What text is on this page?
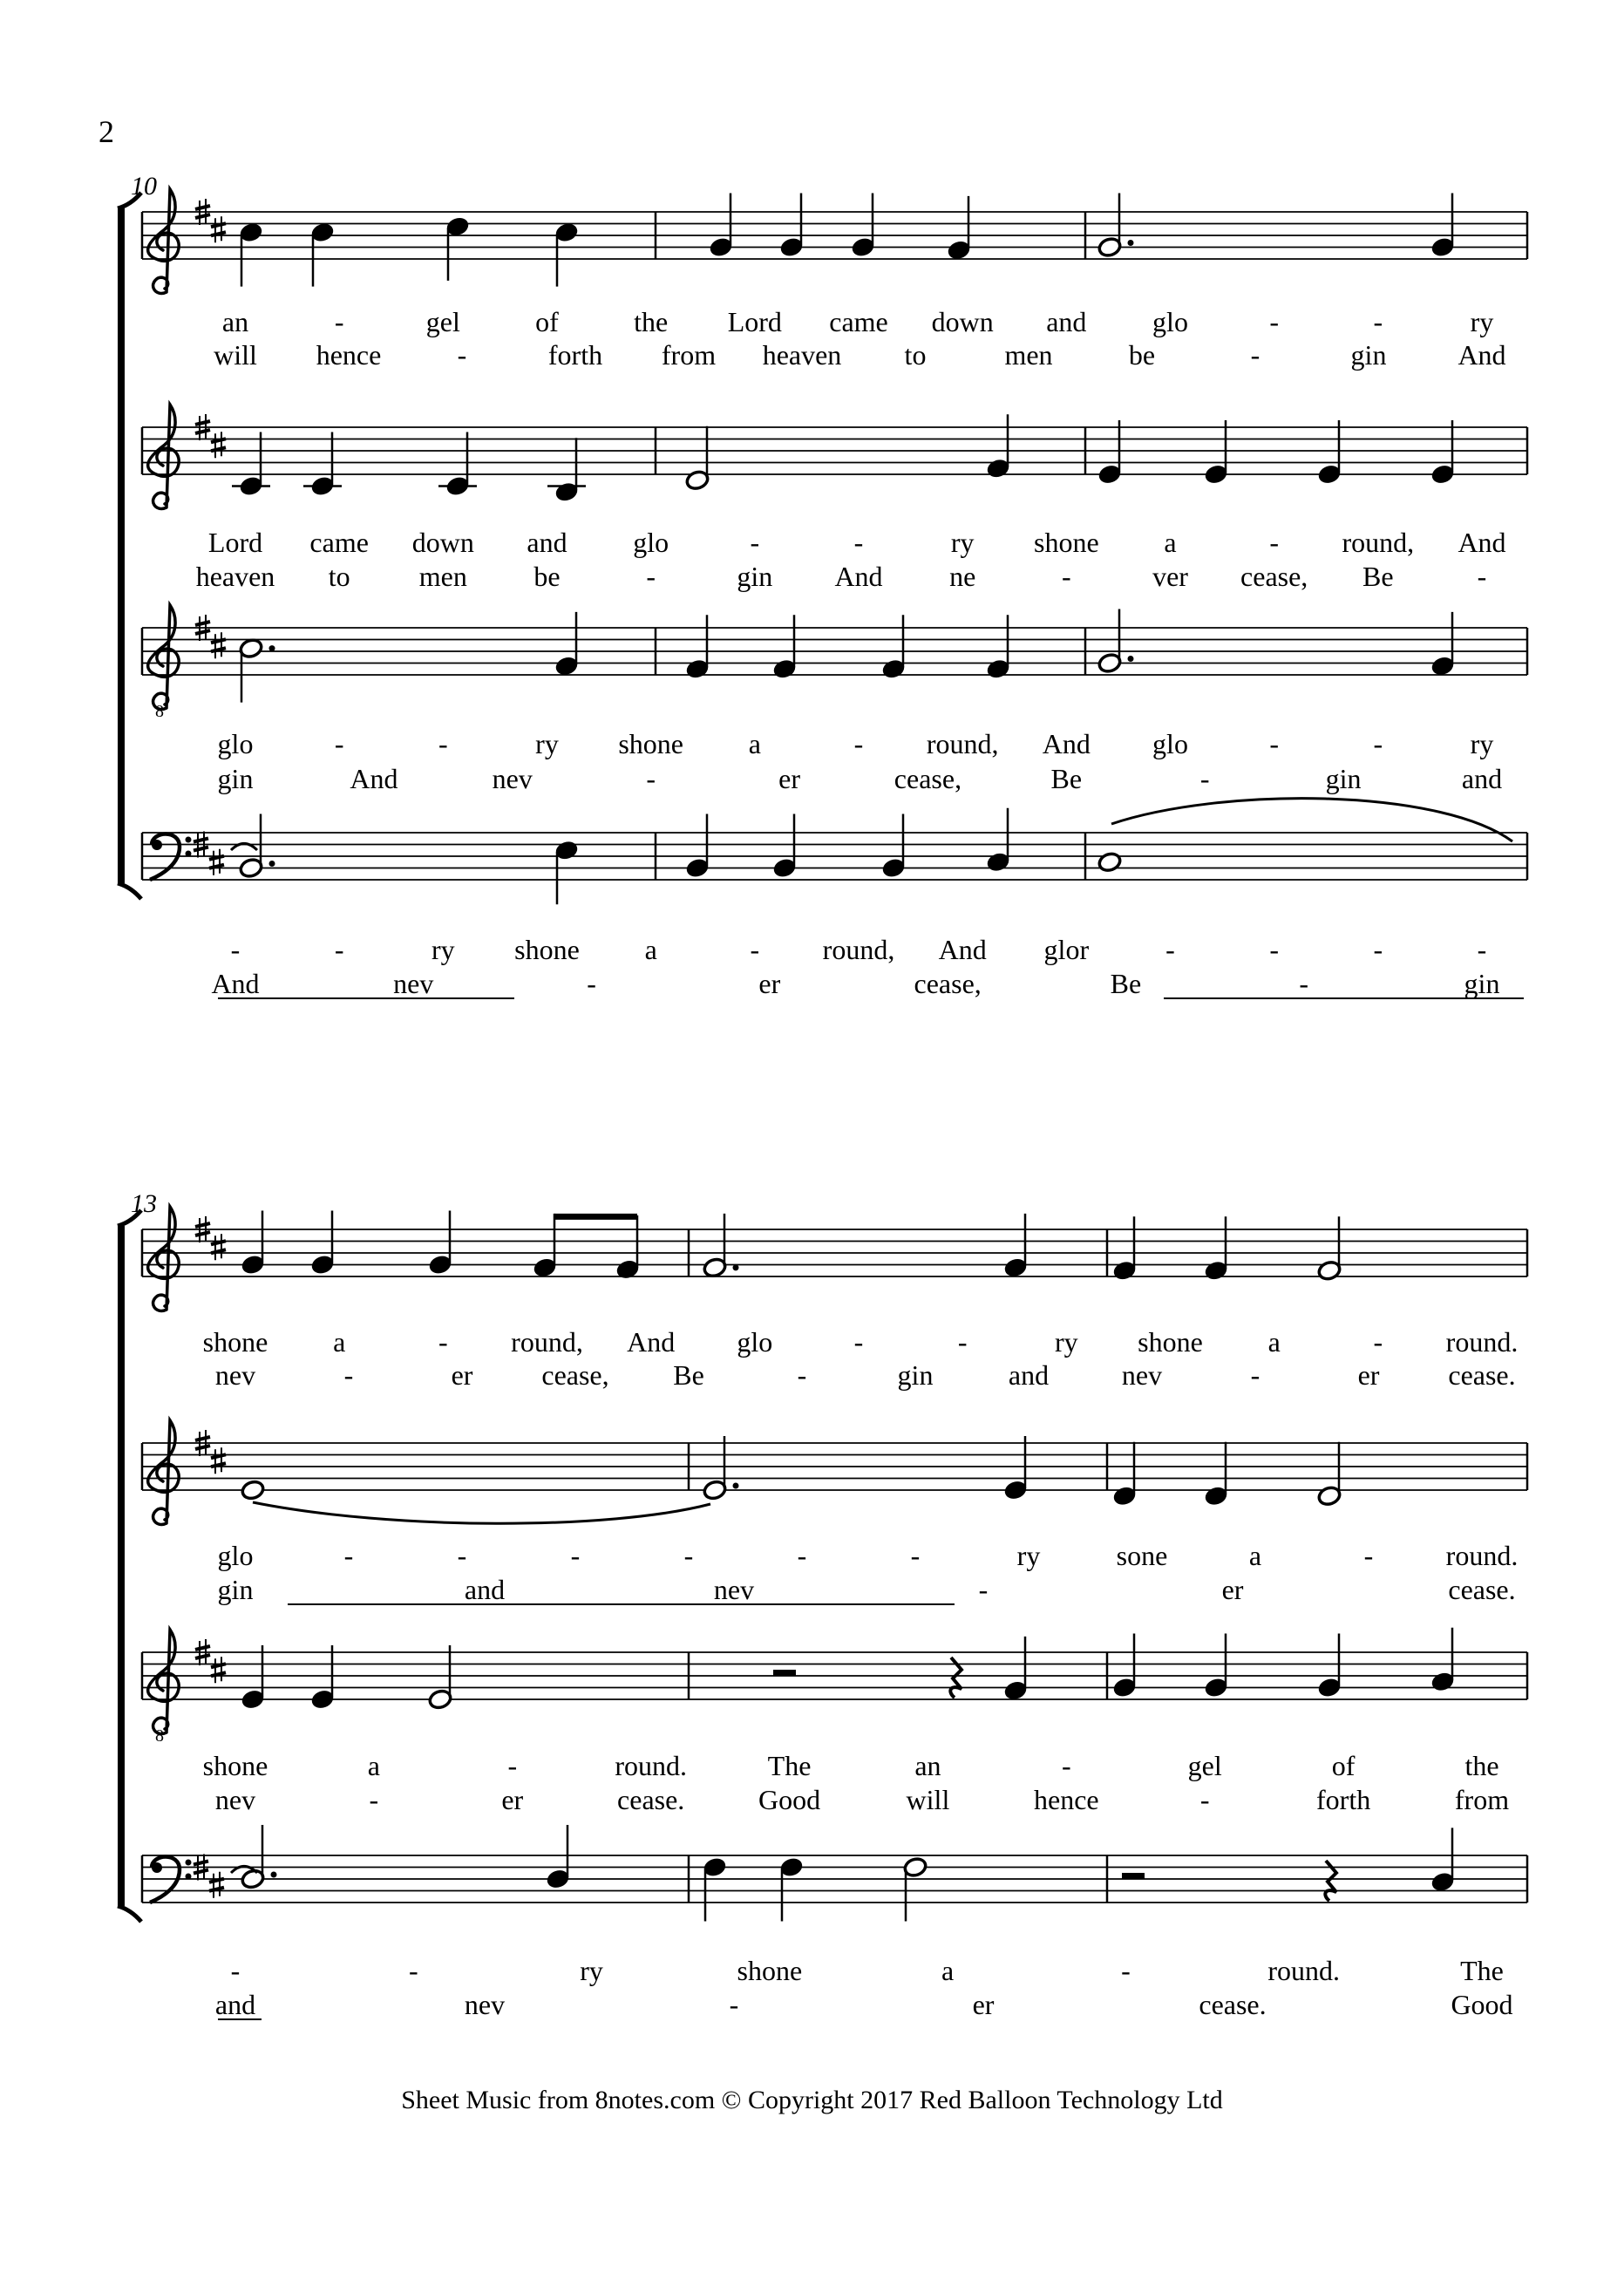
2
10
an	-	gel	of	the Lord came down and glo	-	-	ry
will hence	-	forth from heaven to	men	be	-	gin	And
Lord came down and glo	-	-	ry shone a	- round, And
heaven to men be	-	gin And ne	-	ver cease, Be	-
8
glo	-	-	ry shone a	- round, And glo	-	-	ry
gin	And	nev	-	er	cease,	Be	-	gin	and
-	-	ry shone a	- round, And glor	-	-	-	-
And	nev	-	er	cease,	Be	-	gin
13
shone a	- round, And glo	-	-	ry shone a	- round.
nev	-	er cease, Be	-	gin	and	nev	-	er cease.
glo	-	-	-	-	-	-	ry	sone	a	-	round.
gin	and	nev	-	er	cease.
8
shone	a	-	round.	The	an	-	gel	of	the
nev	-	er	cease.	Good	will	hence	-	forth	from
-	-	ry	shone	a	-	round.	The
and	nev	-	er	cease.	Good
Sheet Music from 8notes.com © Copyright 2017 Red Balloon Technology Ltd
